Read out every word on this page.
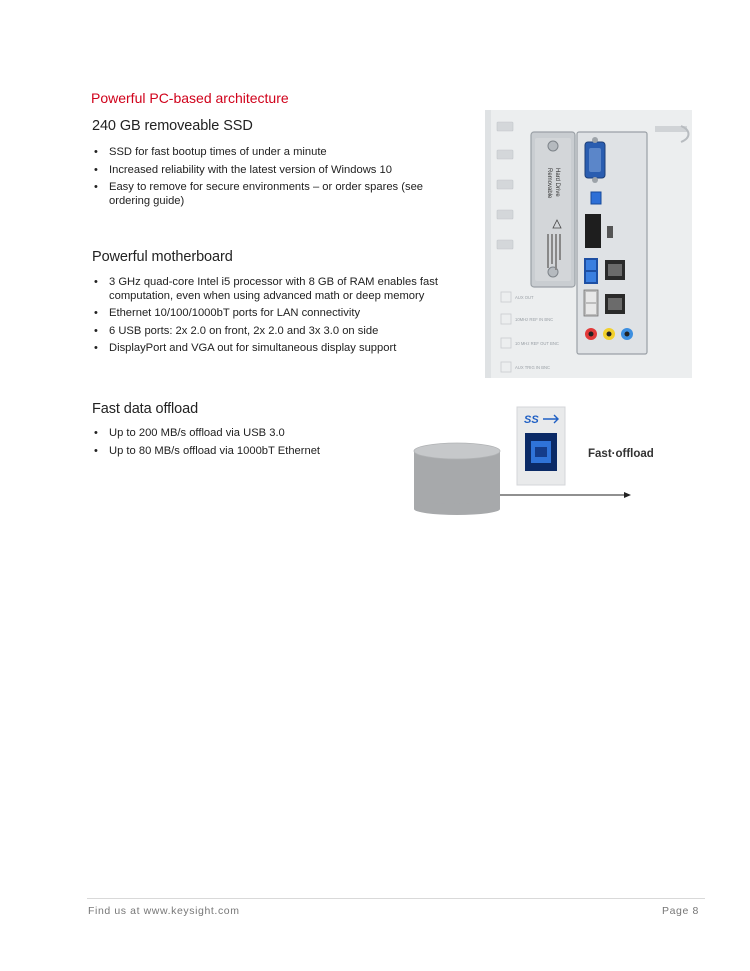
Powerful PC-based architecture
240 GB removeable SSD
• SSD for fast bootup times of under a minute
• Increased reliability with the latest version of Windows 10
• Easy to remove for secure environments – or order spares (see ordering guide)
Powerful motherboard
• 3 GHz quad-core Intel i5 processor with 8 GB of RAM enables fast computation, even when using advanced math or deep memory
• Ethernet 10/100/1000bT ports for LAN connectivity
• 6 USB ports: 2x 2.0 on front, 2x 2.0 and 3x 3.0 on side
• DisplayPort and VGA out for simultaneous display support
Fast data offload
• Up to 200 MB/s offload via USB 3.0
• Up to 80 MB/s offload via 1000bT Ethernet
Removable Hard Drive
AUX OUT
10MHz REF IN BNC
10 MHz REF OUT BNC
AUX TRIG IN BNC
SS
Fast·offload
Find us at www.keysight.com	Page 8
